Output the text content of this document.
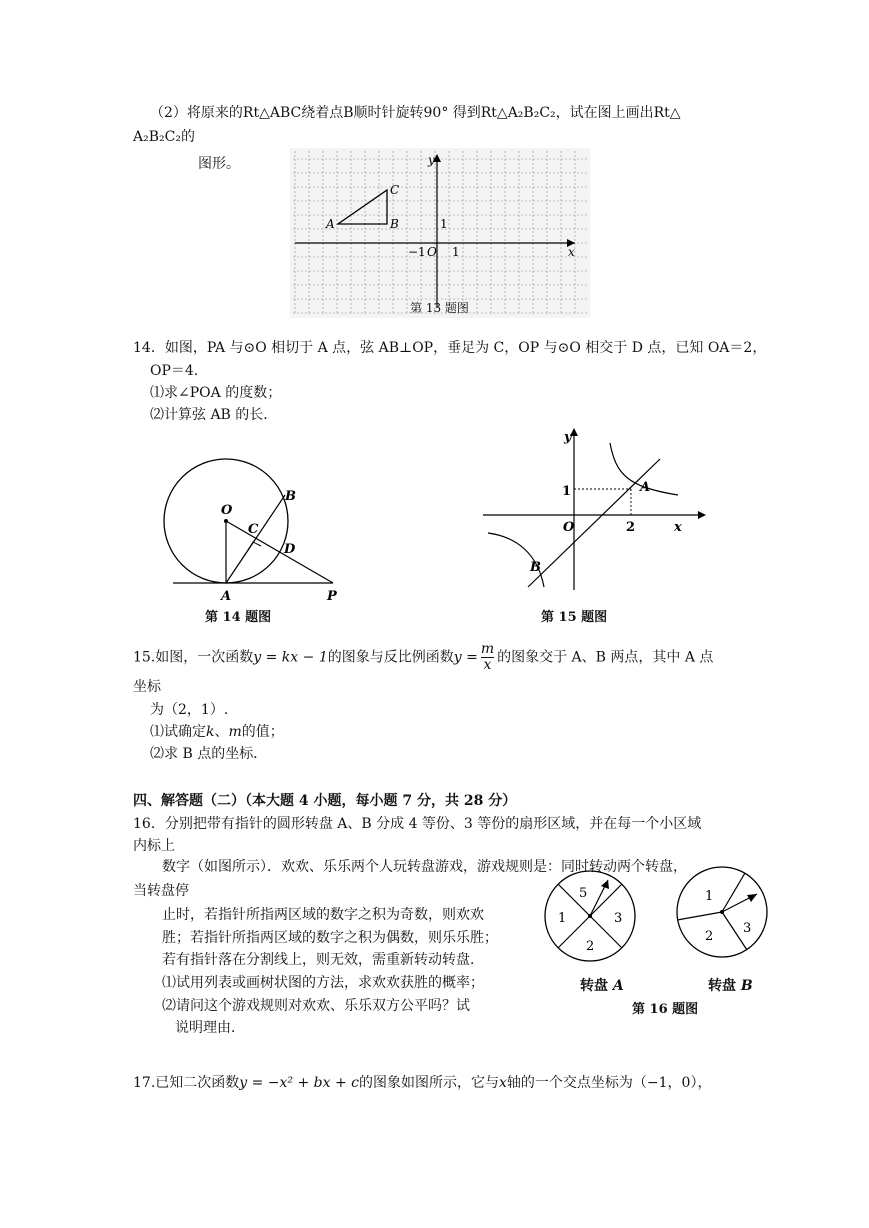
（2）将原来的Rt△ABC绕着点B顺时针旋转90° 得到Rt△A₂B₂C₂，试在图上画出Rt△
A₂B₂C₂的
图形。	y
x
A	B
C
O
−1 1
1
第 13 题图
14．如图，PA 与⊙O 相切于 A 点，弦 AB⊥OP，垂足为 C，OP 与⊙O 相交于 D 点，已知 OA＝2，
OP＝4．
⑴求∠POA 的度数；
⑵计算弦 AB 的长．
O
B
C
D
A	P
第 14 题图
y
x
O
A
B
1
2
第 15 题图
15.如图，一次函数y = kx − 1的图象与反比例函数$y = \frac{m}{x}$ 的图象交于 A、B 两点，其中 A 点
坐标
为（2，1）.
⑴试确定k、m的值；
⑵求 B 点的坐标．
四、解答题（二）（本大题 4 小题，每小题 7 分，共 28 分）
16．分别把带有指针的圆形转盘 A、B 分成 4 等份、3 等份的扇形区域，并在每一个小区域
内标上
数字（如图所示）．欢欢、乐乐两个人玩转盘游戏，游戏规则是：同时转动两个转盘，
当转盘停
止时，若指针所指两区域的数字之积为奇数，则欢欢
胜；若指针所指两区域的数字之积为偶数，则乐乐胜；
若有指针落在分割线上，则无效，需重新转动转盘．
⑴试用列表或画树状图的方法，求欢欢获胜的概率；
⑵请问这个游戏规则对欢欢、乐乐双方公平吗？试
说明理由．
5
1	3
2
转盘 A
1
3
2
转盘 B
第 16 题图
17.已知二次函数y = −x² + bx + c的图象如图所示，它与x轴的一个交点坐标为（−1，0），
